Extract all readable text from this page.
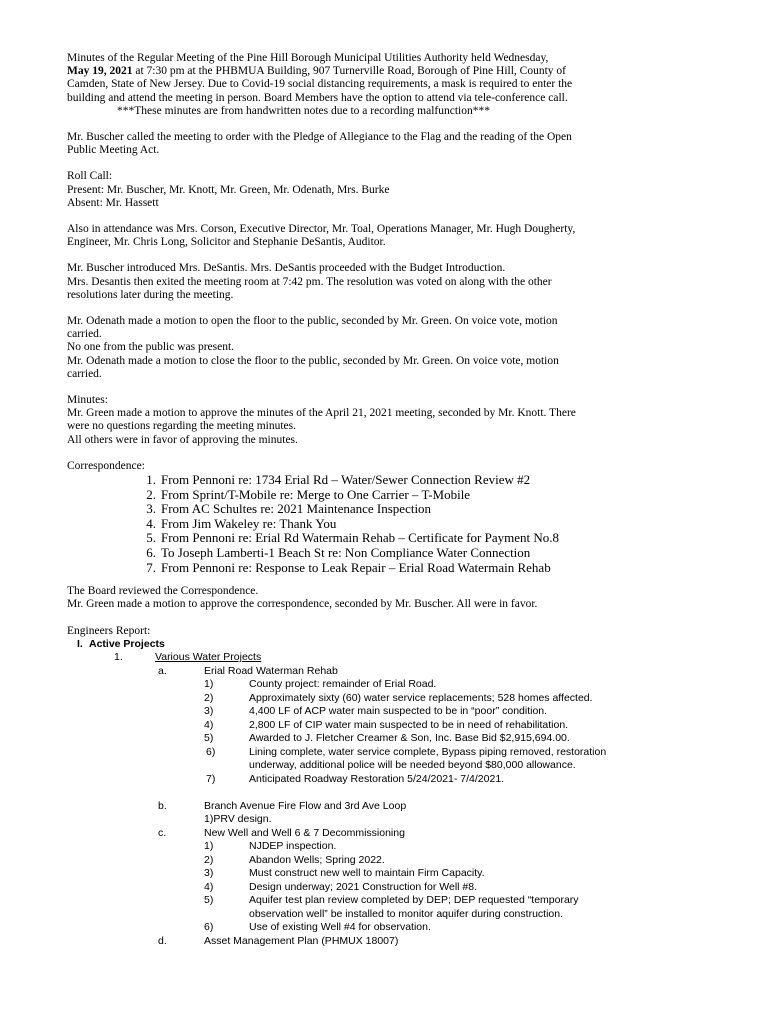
Minutes of the Regular Meeting of the Pine Hill Borough Municipal Utilities Authority held Wednesday,
May 19, 2021 at 7:30 pm at the PHBMUA Building, 907 Turnerville Road, Borough of Pine Hill, County of
Camden, State of New Jersey. Due to Covid-19 social distancing requirements, a mask is required to enter the
building and attend the meeting in person. Board Members have the option to attend via tele-conference call.
***These minutes are from handwritten notes due to a recording malfunction***

Mr. Buscher called the meeting to order with the Pledge of Allegiance to the Flag and the reading of the Open
Public Meeting Act.

Roll Call:
Present: Mr. Buscher, Mr. Knott, Mr. Green, Mr. Odenath, Mrs. Burke
Absent: Mr. Hassett

Also in attendance was Mrs. Corson, Executive Director, Mr. Toal, Operations Manager, Mr. Hugh Dougherty,
Engineer, Mr. Chris Long, Solicitor and Stephanie DeSantis, Auditor.

Mr. Buscher introduced Mrs. DeSantis. Mrs. DeSantis proceeded with the Budget Introduction.
Mrs. Desantis then exited the meeting room at 7:42 pm. The resolution was voted on along with the other
resolutions later during the meeting.

Mr. Odenath made a motion to open the floor to the public, seconded by Mr. Green. On voice vote, motion
carried.
No one from the public was present.
Mr. Odenath made a motion to close the floor to the public, seconded by Mr. Green. On voice vote, motion
carried.

Minutes:
Mr. Green made a motion to approve the minutes of the April 21, 2021 meeting, seconded by Mr. Knott. There
were no questions regarding the meeting minutes.
All others were in favor of approving the minutes.

Correspondence:
1. From Pennoni re: 1734 Erial Rd – Water/Sewer Connection Review #2
2. From Sprint/T-Mobile re: Merge to One Carrier – T-Mobile
3. From AC Schultes re: 2021 Maintenance Inspection
4. From Jim Wakeley re: Thank You
5. From Pennoni re: Erial Rd Watermain Rehab – Certificate for Payment No.8
6. To Joseph Lamberti-1 Beach St re: Non Compliance Water Connection
7. From Pennoni re: Response to Leak Repair – Erial Road Watermain Rehab

The Board reviewed the Correspondence.
Mr. Green made a motion to approve the correspondence, seconded by Mr. Buscher. All were in favor.

Engineers Report:
I. Active Projects
1.	Various Water Projects
a.	Erial Road Waterman Rehab
1)	County project: remainder of Erial Road.
2)	Approximately sixty (60) water service replacements; 528 homes affected.
3)	4,400 LF of ACP water main suspected to be in “poor” condition.
4)	2,800 LF of CIP water main suspected to be in need of rehabilitation.
5)	Awarded to J. Fletcher Creamer & Son, Inc. Base Bid $2,915,694.00.
6)	Lining complete, water service complete, Bypass piping removed, restoration
underway, additional police will be needed beyond $80,000 allowance.
7)	Anticipated Roadway Restoration 5/24/2021- 7/4/2021.
b.	Branch Avenue Fire Flow and 3rd Ave Loop
1)PRV design.
c.	New Well and Well 6 & 7 Decommissioning
1)	NJDEP inspection.
2)	Abandon Wells; Spring 2022.
3)	Must construct new well to maintain Firm Capacity.
4)	Design underway; 2021 Construction for Well #8.
5)	Aquifer test plan review completed by DEP; DEP requested “temporary
observation well” be installed to monitor aquifer during construction.
6)	Use of existing Well #4 for observation.
d.	Asset Management Plan (PHMUX 18007)
